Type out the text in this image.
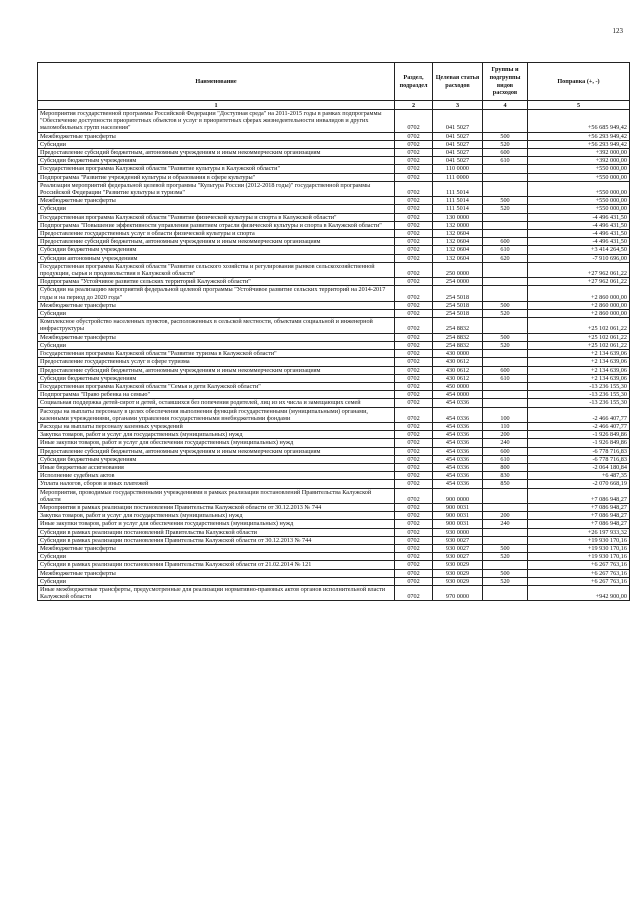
123
Наименование	Раздел, подраздел	Целевая статья расходов	Группы и подгруппы видов расходов	Поправка (+, -)
1	2	3	4	5
Мероприятия государственной программы Российской Федерации "Доступная среда" на 2011-2015 годы в рамках подпрограммы "Обеспечение доступности приоритетных объектов и услуг в приоритетных сферах жизнедеятельности инвалидов и других маломобильных групп населения"	0702	041 5027		+56 685 949,42
Межбюджетные трансферты	0702	041 5027	500	+56 293 949,42
Субсидии	0702	041 5027	520	+56 293 949,42
Предоставление субсидий бюджетным, автономным учреждениям и иным некоммерческим организациям	0702	041 5027	600	+392 000,00
Субсидии бюджетным учреждениям	0702	041 5027	610	+392 000,00
Государственная программа Калужской области "Развитие культуры в Калужской области"	0702	110 0000		+550 000,00
Подпрограмма "Развитие учреждений культуры и образования в сфере культуры"	0702	111 0000		+550 000,00
Реализация мероприятий федеральной целевой программы "Культура России (2012-2018 годы)" государственной программы Российской Федерации "Развитие культуры и туризма"	0702	111 5014		+550 000,00
Межбюджетные трансферты	0702	111 5014	500	+550 000,00
Субсидии	0702	111 5014	520	+550 000,00
Государственная программа Калужской области "Развитие физической культуры и спорта в Калужской области"	0702	130 0000		-4 496 431,50
Подпрограмма "Повышение эффективности управления развитием отрасли физической культуры и спорта в Калужской области"	0702	132 0000		-4 496 431,50
Предоставление государственных услуг в области физической культуры и спорта	0702	132 0604		-4 496 431,50
Предоставление субсидий бюджетным, автономным учреждениям и иным некоммерческим организациям	0702	132 0604	600	-4 496 431,50
Субсидии бюджетным учреждениям	0702	132 0604	610	+3 414 264,50
Субсидии автономным учреждениям	0702	132 0604	620	-7 910 696,00
Государственная программа Калужской области "Развитие сельского хозяйства и регулирования рынков сельскохозяйственной продукции, сырья и продовольствия в Калужской области"	0702	250 0000		+27 962 061,22
Подпрограмма "Устойчивое развитие сельских территорий Калужской области"	0702	254 0000		+27 962 061,22
Субсидии на реализацию мероприятий федеральной целевой программы "Устойчивое развитие сельских территорий на 2014-2017 годы и на период до 2020 года"	0702	254 5018		+2 860 000,00
Межбюджетные трансферты	0702	254 5018	500	+2 860 000,00
Субсидии	0702	254 5018	520	+2 860 000,00
Комплексное обустройство населенных пунктов, расположенных в сельской местности, объектами социальной и инженерной инфраструктуры	0702	254 8832		+25 102 061,22
Межбюджетные трансферты	0702	254 8832	500	+25 102 061,22
Субсидии	0702	254 8832	520	+25 102 061,22
Государственная программа Калужской области "Развитие туризма в Калужской области"	0702	430 0000		+2 134 639,06
Предоставление государственных услуг в сфере туризма	0702	430 0612		+2 134 639,06
Предоставление субсидий бюджетным, автономным учреждениям и иным некоммерческим организациям	0702	430 0612	600	+2 134 639,06
Субсидии бюджетным учреждениям	0702	430 0612	610	+2 134 639,06
Государственная программа Калужской области "Семья и дети Калужской области"	0702	450 0000		-13 236 155,30
Подпрограмма "Право ребенка на семью"	0702	454 0000		-13 236 155,30
Социальная поддержка детей-сирот и детей, оставшихся без попечения родителей, лиц из их числа и замещающих семей	0702	454 0336		-13 236 155,30
Расходы на выплаты персоналу в целях обеспечения выполнения функций государственными (муниципальными) органами, казенными учреждениями, органами управления государственными внебюджетными фондами	0702	454 0336	100	-2 466 407,77
Расходы на выплаты персоналу казенных учреждений	0702	454 0336	110	-2 466 407,77
Закупка товаров, работ и услуг для государственных (муниципальных) нужд	0702	454 0336	200	-1 926 849,86
Иные закупки товаров, работ и услуг для обеспечения государственных (муниципальных) нужд	0702	454 0336	240	-1 926 849,86
Предоставление субсидий бюджетным, автономным учреждениям и иным некоммерческим организациям	0702	454 0336	600	-6 778 716,83
Субсидии бюджетным учреждениям	0702	454 0336	610	-6 778 716,83
Иные бюджетные ассигнования	0702	454 0336	800	-2 064 180,84
Исполнение судебных актов	0702	454 0336	830	+6 487,35
Уплата налогов, сборов и иных платежей	0702	454 0336	850	-2 070 668,19
Мероприятия, проводимые государственными учреждениями в рамках реализации постановлений Правительства Калужской области	0702	900 0000		+7 086 948,27
Мероприятия в рамках реализации постановления Правительства Калужской области от 30.12.2013 № 744	0702	900 0031		+7 086 948,27
Закупка товаров, работ и услуг для государственных (муниципальных) нужд	0702	900 0031	200	+7 086 948,27
Иные закупки товаров, работ и услуг для обеспечения государственных (муниципальных) нужд	0702	900 0031	240	+7 086 948,27
Субсидии в рамках реализации постановлений Правительства Калужской области	0702	930 0000		+26 197 933,32
Субсидии в рамках реализации постановления Правительства Калужской области от 30.12.2013 № 744	0702	930 0027		+19 930 170,16
Межбюджетные трансферты	0702	930 0027	500	+19 930 170,16
Субсидии	0702	930 0027	520	+19 930 170,16
Субсидии в рамках реализации постановления Правительства Калужской области от 21.02.2014 № 121	0702	930 0029		+6 267 763,16
Межбюджетные трансферты	0702	930 0029	500	+6 267 763,16
Субсидии	0702	930 0029	520	+6 267 763,16
Иные межбюджетные трансферты, предусмотренные для реализации нормативно-правовых актов органов исполнительной власти Калужской области	0702	970 0000		+942 900,00
